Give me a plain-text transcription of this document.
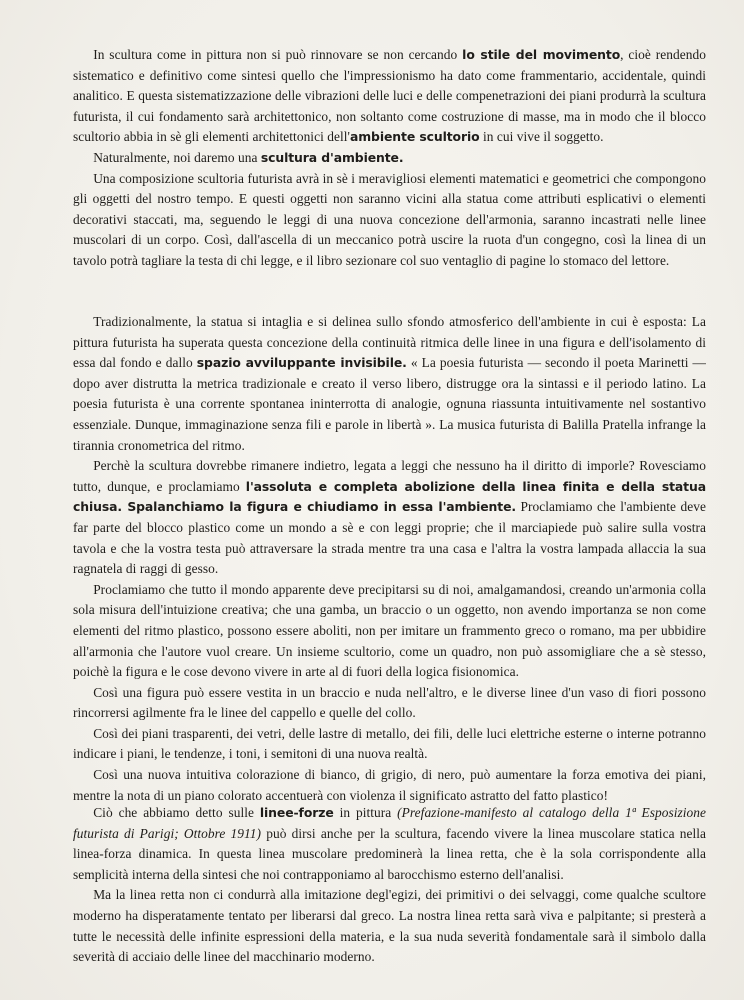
  In scultura come in pittura non si può rinnovare se non cercando lo stile del movimento, cioè rendendo sistematico e definitivo come sintesi quello che l'impressionismo ha dato come frammentario, accidentale, quindi analitico. E questa sistematizzazione delle vibrazioni delle luci e delle compenetrazioni dei piani produrrà la scultura futurista, il cui fondamento sarà architettonico, non soltanto come costruzione di masse, ma in modo che il blocco scultorio abbia in sè gli elementi architettonici dell'ambiente scultorio in cui vive il soggetto.

  Naturalmente, noi daremo una scultura d'ambiente.

  Una composizione scultoria futurista avrà in sè i meravigliosi elementi matematici e geometrici che compongono gli oggetti del nostro tempo. E questi oggetti non saranno vicini alla statua come attributi esplicativi o elementi decorativi staccati, ma, seguendo le leggi di una nuova concezione dell'armonia, saranno incastrati nelle linee muscolari di un corpo. Così, dall'ascella di un meccanico potrà uscire la ruota d'un congegno, così la linea di un tavolo potrà tagliare la testa di chi legge, e il libro sezionare col suo ventaglio di pagine lo stomaco del lettore.

  Tradizionalmente, la statua si intaglia e si delinea sullo sfondo atmosferico dell'ambiente in cui è esposta: La pittura futurista ha superata questa concezione della continuità ritmica delle linee in una figura e dell'isolamento di essa dal fondo e dallo spazio avviluppante invisibile. « La poesia futurista — secondo il poeta Marinetti — dopo aver distrutta la metrica tradizionale e creato il verso libero, distrugge ora la sintassi e il periodo latino. La poesia futurista è una corrente spontanea ininterrotta di analogie, ognuna riassunta intuitivamente nel sostantivo essenziale. Dunque, immaginazione senza fili e parole in libertà ». La musica futurista di Balilla Pratella infrange la tirannia cronometrica del ritmo.

  Perchè la scultura dovrebbe rimanere indietro, legata a leggi che nessuno ha il diritto di imporle? Rovesciamo tutto, dunque, e proclamiamo l'assoluta e completa abolizione della linea finita e della statua chiusa. Spalanchiamo la figura e chiudiamo in essa l'ambiente. Proclamiamo che l'ambiente deve far parte del blocco plastico come un mondo a sè e con leggi proprie; che il marciapiede può salire sulla vostra tavola e che la vostra testa può attraversare la strada mentre tra una casa e l'altra la vostra lampada allaccia la sua ragnatela di raggi di gesso.

  Proclamiamo che tutto il mondo apparente deve precipitarsi su di noi, amalgamandosi, creando un'armonia colla sola misura dell'intuizione creativa; che una gamba, un braccio o un oggetto, non avendo importanza se non come elementi del ritmo plastico, possono essere aboliti, non per imitare un frammento greco o romano, ma per ubbidire all'armonia che l'autore vuol creare. Un insieme scultorio, come un quadro, non può assomigliare che a sè stesso, poichè la figura e le cose devono vivere in arte al di fuori della logica fisionomica.

  Così una figura può essere vestita in un braccio e nuda nell'altro, e le diverse linee d'un vaso di fiori possono rincorrersi agilmente fra le linee del cappello e quelle del collo.

  Così dei piani trasparenti, dei vetri, delle lastre di metallo, dei fili, delle luci elettriche esterne o interne potranno indicare i piani, le tendenze, i toni, i semitoni di una nuova realtà.

  Così una nuova intuitiva colorazione di bianco, di grigio, di nero, può aumentare la forza emotiva dei piani, mentre la nota di un piano colorato accentuerà con violenza il significato astratto del fatto plastico!

  Ciò che abbiamo detto sulle linee-forze in pittura (Prefazione-manifesto al catalogo della 1ª Esposizione futurista di Parigi; Ottobre 1911) può dirsi anche per la scultura, facendo vivere la linea muscolare statica nella linea-forza dinamica. In questa linea muscolare predominerà la linea retta, che è la sola corrispondente alla semplicità interna della sintesi che noi contrapponiamo al barocchismo esterno dell'analisi.

  Ma la linea retta non ci condurrà alla imitazione degl'egizi, dei primitivi o dei selvaggi, come qualche scultore moderno ha disperatamente tentato per liberarsi dal greco. La nostra linea retta sarà viva e palpitante; si presterà a tutte le necessità delle infinite espressioni della materia, e la sua nuda severità fondamentale sarà il simbolo dalla severità di acciaio delle linee del macchinario moderno.
